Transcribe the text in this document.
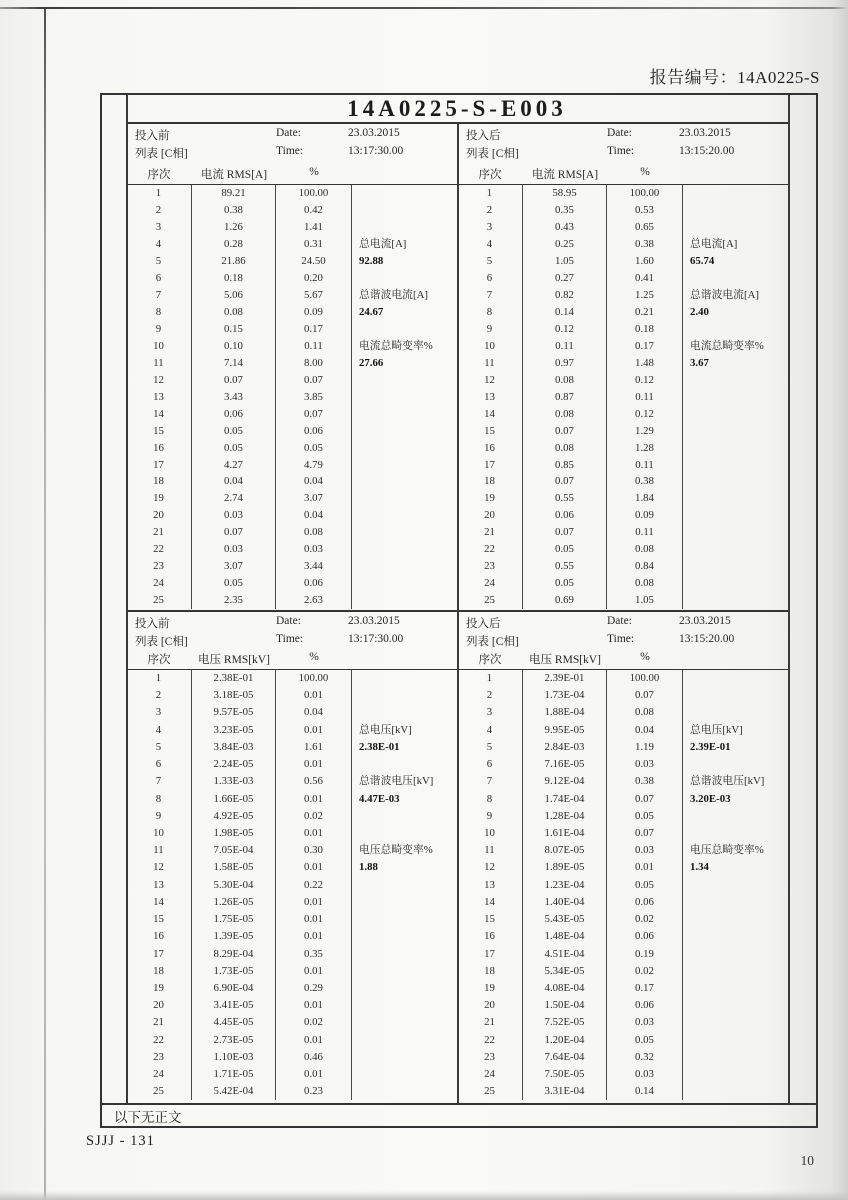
报告编号：14A0225-S
14A0225-S-E003
投入前
列表 [C相]
Date:	23.03.2015
Time:	13:17:30.00
序次	电流 RMS[A]	%
投入后
列表 [C相]
Date:	23.03.2015
Time:	13:15:20.00
序次	电流 RMS[A]	%
1	89.21	100.00
2	0.38	0.42
3	1.26	1.41
4	0.28	0.31	总电流[A]
5	21.86	24.50	92.88
6	0.18	0.20
7	5.06	5.67	总谐波电流[A]
8	0.08	0.09	24.67
9	0.15	0.17
10	0.10	0.11	电流总畸变率%
11	7.14	8.00	27.66
12	0.07	0.07
13	3.43	3.85
14	0.06	0.07
15	0.05	0.06
16	0.05	0.05
17	4.27	4.79
18	0.04	0.04
19	2.74	3.07
20	0.03	0.04
21	0.07	0.08
22	0.03	0.03
23	3.07	3.44
24	0.05	0.06
25	2.35	2.63
1	58.95	100.00
2	0.35	0.53
3	0.43	0.65
4	0.25	0.38	总电流[A]
5	1.05	1.60	65.74
6	0.27	0.41
7	0.82	1.25	总谐波电流[A]
8	0.14	0.21	2.40
9	0.12	0.18
10	0.11	0.17	电流总畸变率%
11	0.97	1.48	3.67
12	0.08	0.12
13	0.87	0.11
14	0.08	0.12
15	0.07	1.29
16	0.08	1.28
17	0.85	0.11
18	0.07	0.38
19	0.55	1.84
20	0.06	0.09
21	0.07	0.11
22	0.05	0.08
23	0.55	0.84
24	0.05	0.08
25	0.69	1.05
投入前
列表 [C相]
Date:	23.03.2015
Time:	13:17:30.00
序次	电压 RMS[kV]	%
投入后
列表 [C相]
Date:	23.03.2015
Time:	13:15:20.00
序次	电压 RMS[kV]	%
1	2.38E-01	100.00
2	3.18E-05	0.01
3	9.57E-05	0.04
4	3.23E-05	0.01	总电压[kV]
5	3.84E-03	1.61	2.38E-01
6	2.24E-05	0.01
7	1.33E-03	0.56	总谐波电压[kV]
8	1.66E-05	0.01	4.47E-03
9	4.92E-05	0.02
10	1.98E-05	0.01
11	7.05E-04	0.30	电压总畸变率%
12	1.58E-05	0.01	1.88
13	5.30E-04	0.22
14	1.26E-05	0.01
15	1.75E-05	0.01
16	1.39E-05	0.01
17	8.29E-04	0.35
18	1.73E-05	0.01
19	6.90E-04	0.29
20	3.41E-05	0.01
21	4.45E-05	0.02
22	2.73E-05	0.01
23	1.10E-03	0.46
24	1.71E-05	0.01
25	5.42E-04	0.23
1	2.39E-01	100.00
2	1.73E-04	0.07
3	1.88E-04	0.08
4	9.95E-05	0.04	总电压[kV]
5	2.84E-03	1.19	2.39E-01
6	7.16E-05	0.03
7	9.12E-04	0.38	总谐波电压[kV]
8	1.74E-04	0.07	3.20E-03
9	1.28E-04	0.05
10	1.61E-04	0.07
11	8.07E-05	0.03	电压总畸变率%
12	1.89E-05	0.01	1.34
13	1.23E-04	0.05
14	1.40E-04	0.06
15	5.43E-05	0.02
16	1.48E-04	0.06
17	4.51E-04	0.19
18	5.34E-05	0.02
19	4.08E-04	0.17
20	1.50E-04	0.06
21	7.52E-05	0.03
22	1.20E-04	0.05
23	7.64E-04	0.32
24	7.50E-05	0.03
25	3.31E-04	0.14
以下无正文
SJJJ - 131
10
